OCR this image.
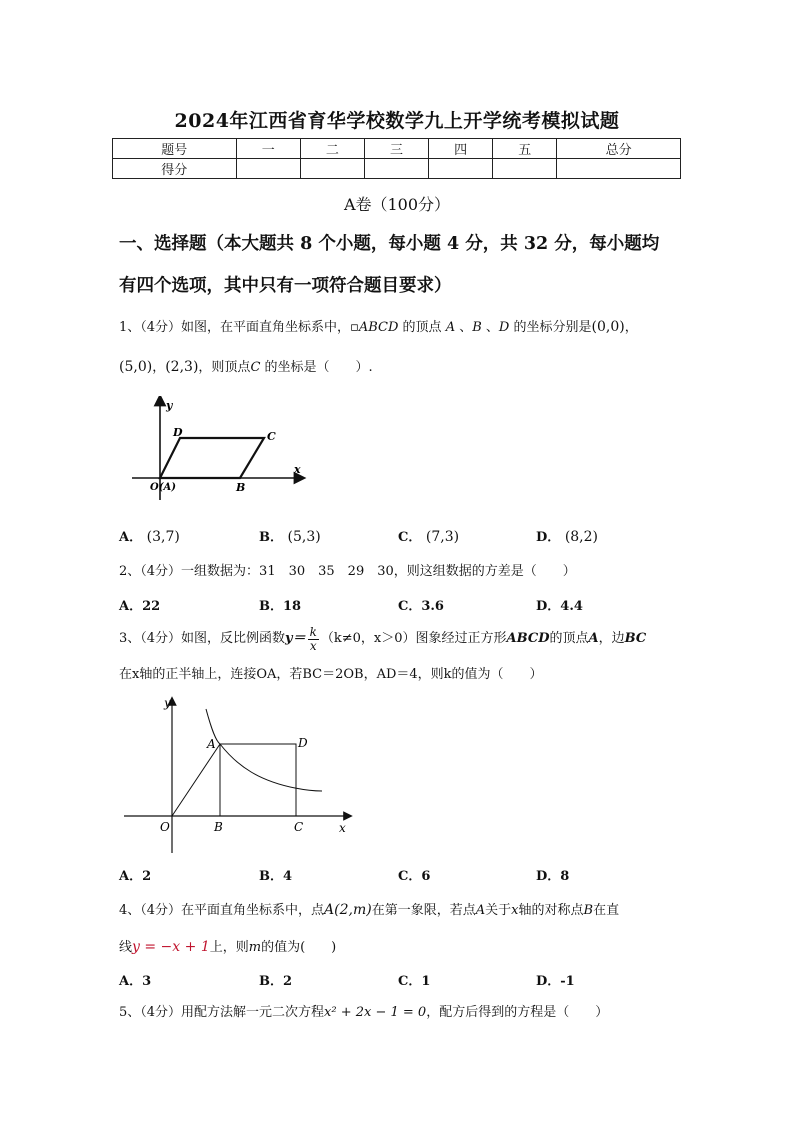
2024年江西省育华学校数学九上开学统考模拟试题
题号	一	二	三	四	五	总分
得分						
A卷（100分）
一、选择题（本大题共 8 个小题，每小题 4 分，共 32 分，每小题均
有四个选项，其中只有一项符合题目要求）
1、（4分）如图，在平面直角坐标系中，▫ABCD 的顶点 A 、B 、D 的坐标分别是(0,0)，
(5,0)，(2,3)，则顶点C 的坐标是（　　）.
y
x
D	C
O(A)	B
A． (3,7)	B． (5,3)	C． (7,3)	D． (8,2)
2、（4分）一组数据为：31　30　35　29　30，则这组数据的方差是（　　）
A．22	B．18	C．3.6	D．4.4
3、（4分）如图，反比例函数 y＝ k
x （k≠0，x＞0）图象经过正方形 ABCD 的顶点 A ，边 BC
在x轴的正半轴上，连接OA，若BC＝2OB，AD＝4，则k的值为（　　）
y
x
A	D
O	B	C
A．2	B．4	C．6	D．8
4、（4分）在平面直角坐标系中，点A(2,m)在第一象限，若点A关于x轴的对称点B在直
线y = −x + 1上，则m的值为(　　)
A．3	B．2	C．1	D．-1
5、（4分）用配方法解一元二次方程x² + 2x − 1 = 0，配方后得到的方程是（　　）
